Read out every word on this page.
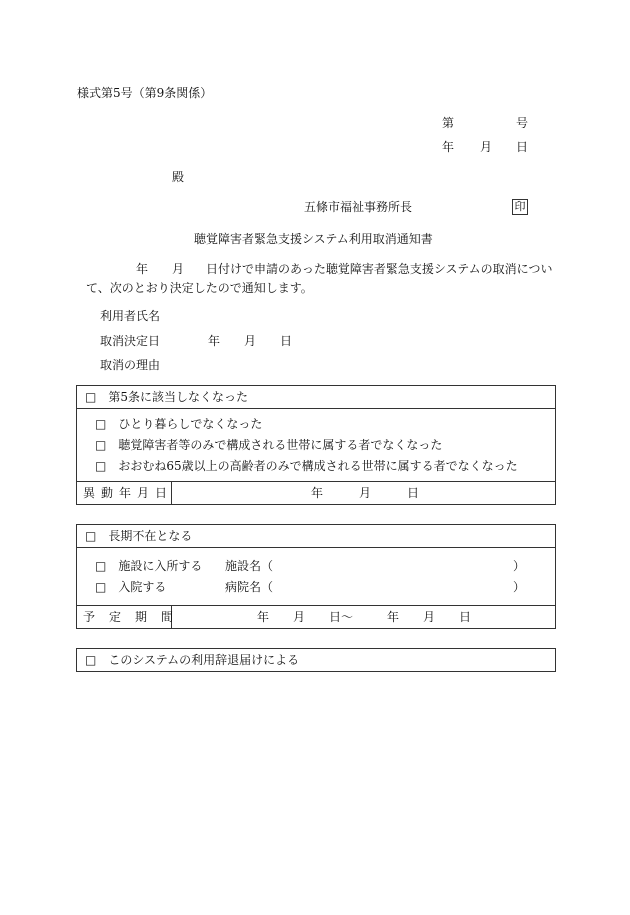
様式第5号（第9条関係）
第	号
年 月 日
殿
五條市福祉事務所長	印
聴覚障害者緊急支援システム利用取消通知書
年 月 日付けで申請のあった聴覚障害者緊急支援システムの取消につい
て、次のとおり決定したので通知します。
利用者氏名
取消決定日	年 月 日
取消の理由
□ 第5条に該当しなくなった
□ ひとり暮らしでなくなった
□ 聴覚障害者等のみで構成される世帯に属する者でなくなった
□ おおむね65歳以上の高齢者のみで構成される世帯に属する者でなくなった
異動年月日	年	月	日
□ 長期不在となる
□ 施設に入所する 施設名（	）
□ 入院する	病院名（	）
予定期間	年 月 日〜	年 月 日
□ このシステムの利用辞退届けによる
